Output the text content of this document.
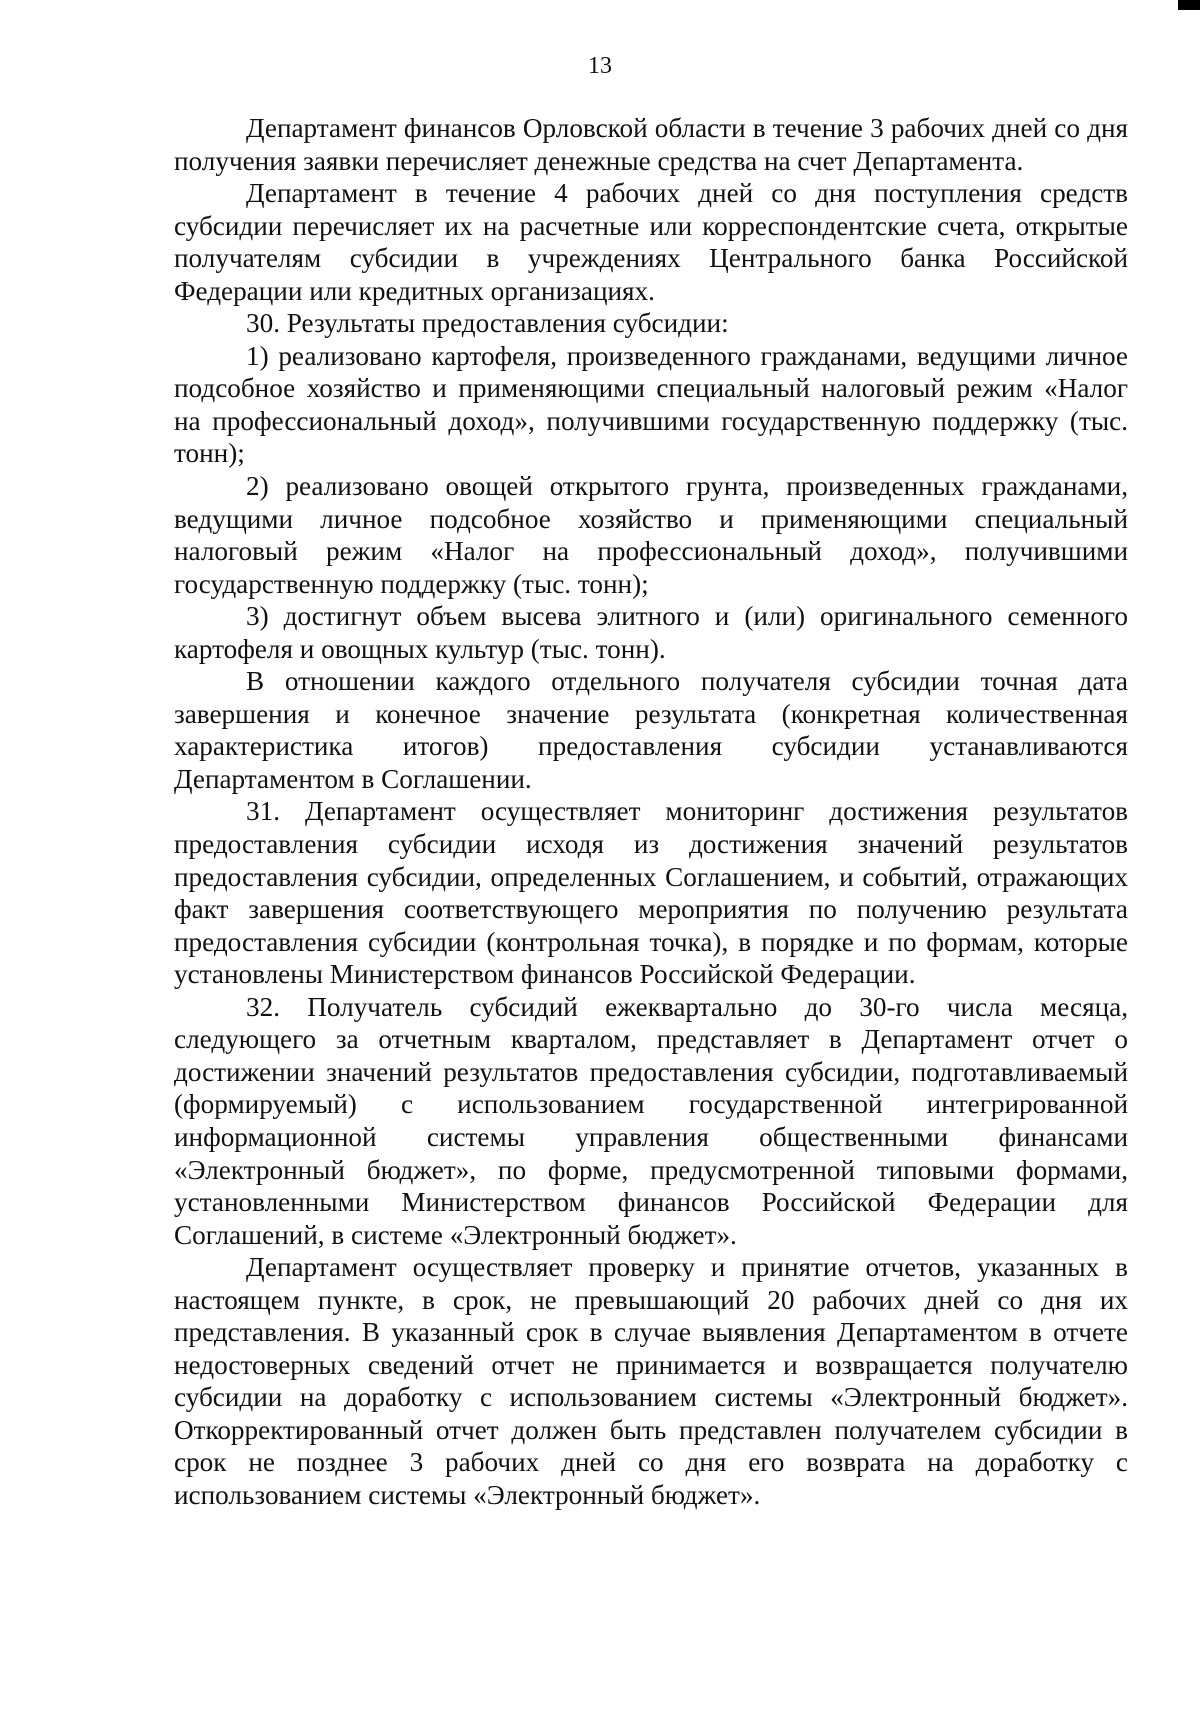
13

Департамент финансов Орловской области в течение 3 рабочих дней со дня получения заявки перечисляет денежные средства на счет Департамента.

Департамент в течение 4 рабочих дней со дня поступления средств субсидии перечисляет их на расчетные или корреспондентские счета, открытые получателям субсидии в учреждениях Центрального банка Российской Федерации или кредитных организациях.

30. Результаты предоставления субсидии:

1) реализовано картофеля, произведенного гражданами, ведущими личное подсобное хозяйство и применяющими специальный налоговый режим «Налог на профессиональный доход», получившими государственную поддержку (тыс. тонн);

2) реализовано овощей открытого грунта, произведенных гражданами, ведущими личное подсобное хозяйство и применяющими специальный налоговый режим «Налог на профессиональный доход», получившими государственную поддержку (тыс. тонн);

3) достигнут объем высева элитного и (или) оригинального семенного картофеля и овощных культур (тыс. тонн).

В отношении каждого отдельного получателя субсидии точная дата завершения и конечное значение результата (конкретная количественная характеристика итогов) предоставления субсидии устанавливаются Департаментом в Соглашении.

31. Департамент осуществляет мониторинг достижения результатов предоставления субсидии исходя из достижения значений результатов предоставления субсидии, определенных Соглашением, и событий, отражающих факт завершения соответствующего мероприятия по получению результата предоставления субсидии (контрольная точка), в порядке и по формам, которые установлены Министерством финансов Российской Федерации.

32. Получатель субсидий ежеквартально до 30-го числа месяца, следующего за отчетным кварталом, представляет в Департамент отчет о достижении значений результатов предоставления субсидии, подготавливаемый (формируемый) с использованием государственной интегрированной информационной системы управления общественными финансами «Электронный бюджет», по форме, предусмотренной типовыми формами, установленными Министерством финансов Российской Федерации для Соглашений, в системе «Электронный бюджет».

Департамент осуществляет проверку и принятие отчетов, указанных в настоящем пункте, в срок, не превышающий 20 рабочих дней со дня их представления. В указанный срок в случае выявления Департаментом в отчете недостоверных сведений отчет не принимается и возвращается получателю субсидии на доработку с использованием системы «Электронный бюджет». Откорректированный отчет должен быть представлен получателем субсидии в срок не позднее 3 рабочих дней со дня его возврата на доработку с использованием системы «Электронный бюджет».
